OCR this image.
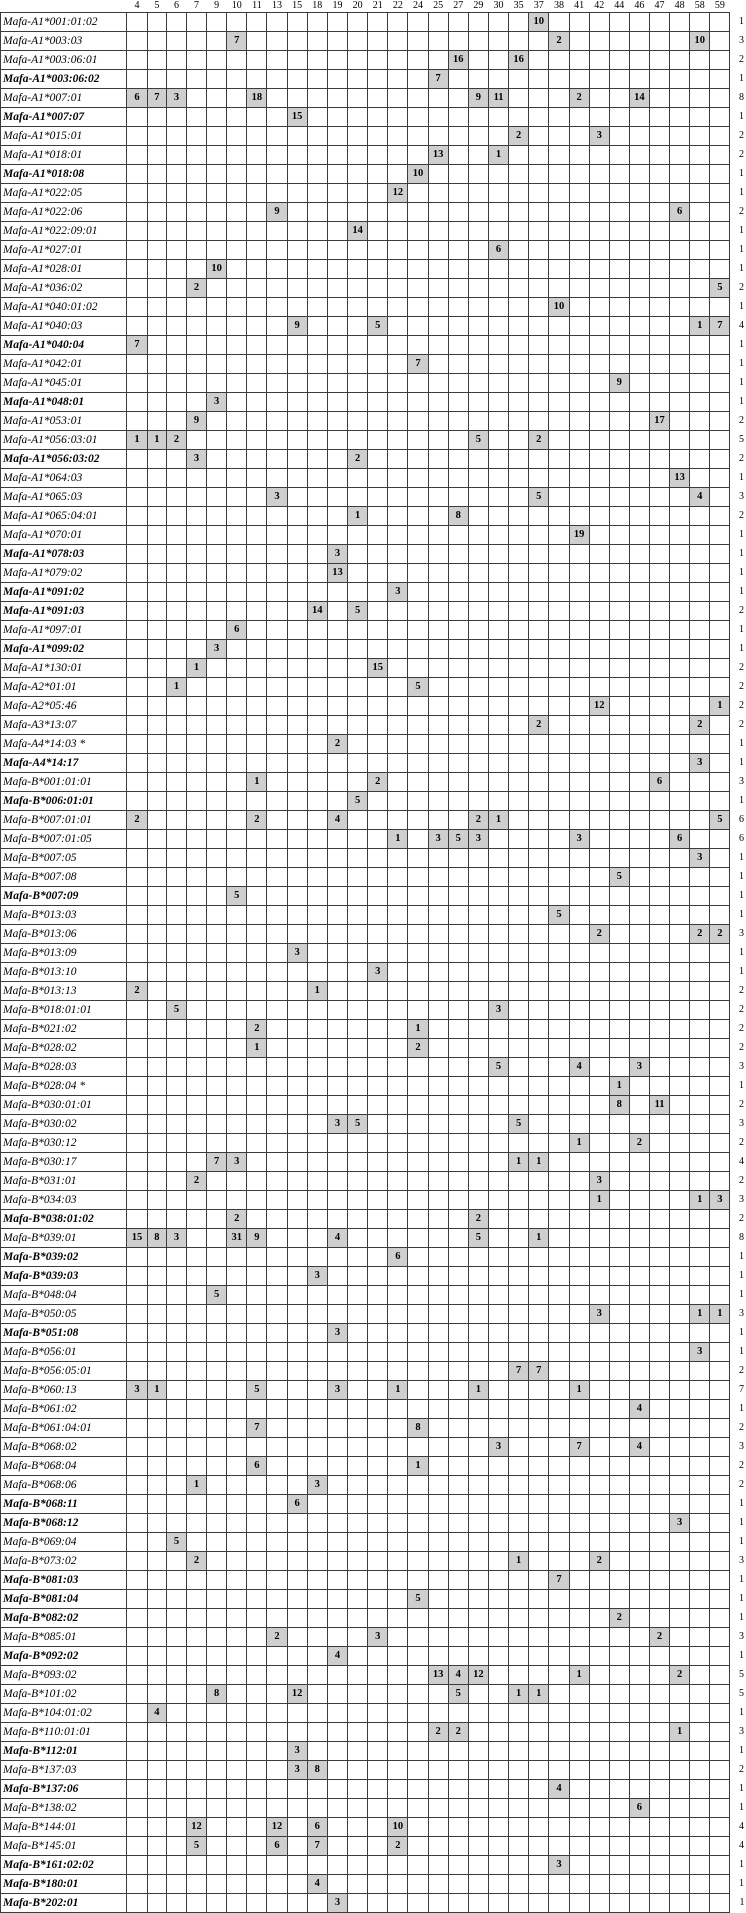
	4	5	6	7	9	10	11	13	15	18	19	20	21	22	24	25	27	29	30	35	37	38	41	42	44	46	47	48	58	59	
Mafa-A1*001:01:02																					10										1
Mafa-A1*003:03						7																2							10		3
Mafa-A1*003:06:01																	16			16											2
Mafa-A1*003:06:02																7															1
Mafa-A1*007:01	6	7	3				18											9	11				2			14					8
Mafa-A1*007:07									15																						1
Mafa-A1*015:01																				2				3							2
Mafa-A1*018:01																13			1												2
Mafa-A1*018:08															10																1
Mafa-A1*022:05														12																	1
Mafa-A1*022:06								9																				6			2
Mafa-A1*022:09:01												14																			1
Mafa-A1*027:01																			6												1
Mafa-A1*028:01					10																										1
Mafa-A1*036:02				2																										5	2
Mafa-A1*040:01:02																						10									1
Mafa-A1*040:03									9				5																1	7	4
Mafa-A1*040:04	7																														1
Mafa-A1*042:01															7																1
Mafa-A1*045:01																									9						1
Mafa-A1*048:01					3																										1
Mafa-A1*053:01				9																							17				2
Mafa-A1*056:03:01	1	1	2															5			2										5
Mafa-A1*056:03:02				3								2																			2
Mafa-A1*064:03																												13			1
Mafa-A1*065:03								3													5								4		3
Mafa-A1*065:04:01												1					8														2
Mafa-A1*070:01																							19								1
Mafa-A1*078:03											3																				1
Mafa-A1*079:02											13																				1
Mafa-A1*091:02														3																	1
Mafa-A1*091:03										14		5																			2
Mafa-A1*097:01						6																									1
Mafa-A1*099:02					3																										1
Mafa-A1*130:01				1									15																		2
Mafa-A2*01:01			1												5																2
Mafa-A2*05:46																								12						1	2
Mafa-A3*13:07																					2								2		2
Mafa-A4*14:03 *											2																				1
Mafa-A4*14:17																													3		1
Mafa-B*001:01:01							1						2														6				3
Mafa-B*006:01:01												5																			1
Mafa-B*007:01:01	2						2				4							2	1											5	6
Mafa-B*007:01:05														1		3	5	3					3					6			6
Mafa-B*007:05																													3		1
Mafa-B*007:08																									5						1
Mafa-B*007:09						5																									1
Mafa-B*013:03																						5									1
Mafa-B*013:06																								2					2	2	3
Mafa-B*013:09									3																						1
Mafa-B*013:10													3																		1
Mafa-B*013:13	2									1																					2
Mafa-B*018:01:01			5																3												2
Mafa-B*021:02							2								1																2
Mafa-B*028:02							1								2																2
Mafa-B*028:03																			5				4			3					3
Mafa-B*028:04 *																									1						1
Mafa-B*030:01:01																									8		11				2
Mafa-B*030:02											3	5								5											3
Mafa-B*030:12																							1			2					2
Mafa-B*030:17					7	3														1	1										4
Mafa-B*031:01				2																				3							2
Mafa-B*034:03																								1					1	3	3
Mafa-B*038:01:02						2												2													2
Mafa-B*039:01	15	8	3			31	9				4							5			1										8
Mafa-B*039:02														6																	1
Mafa-B*039:03										3																					1
Mafa-B*048:04					5																										1
Mafa-B*050:05																								3					1	1	3
Mafa-B*051:08											3																				1
Mafa-B*056:01																													3		1
Mafa-B*056:05:01																				7	7										2
Mafa-B*060:13	3	1					5				3			1				1					1								7
Mafa-B*061:02																										4					1
Mafa-B*061:04:01							7								8																2
Mafa-B*068:02																			3				7			4					3
Mafa-B*068:04							6								1																2
Mafa-B*068:06				1						3																					2
Mafa-B*068:11									6																						1
Mafa-B*068:12																												3			1
Mafa-B*069:04			5																												1
Mafa-B*073:02				2																1				2							3
Mafa-B*081:03																						7									1
Mafa-B*081:04															5																1
Mafa-B*082:02																									2						1
Mafa-B*085:01								2					3														2				3
Mafa-B*092:02											4																				1
Mafa-B*093:02																13	4	12					1					2			5
Mafa-B*101:02					8				12								5			1	1										5
Mafa-B*104:01:02		4																													1
Mafa-B*110:01:01																2	2											1			3
Mafa-B*112:01									3																						1
Mafa-B*137:03									3	8																					2
Mafa-B*137:06																						4									1
Mafa-B*138:02																										6					1
Mafa-B*144:01				12				12		6				10																	4
Mafa-B*145:01				5				6		7				2																	4
Mafa-B*161:02:02																						3									1
Mafa-B*180:01										4																					1
Mafa-B*202:01											3																				1
